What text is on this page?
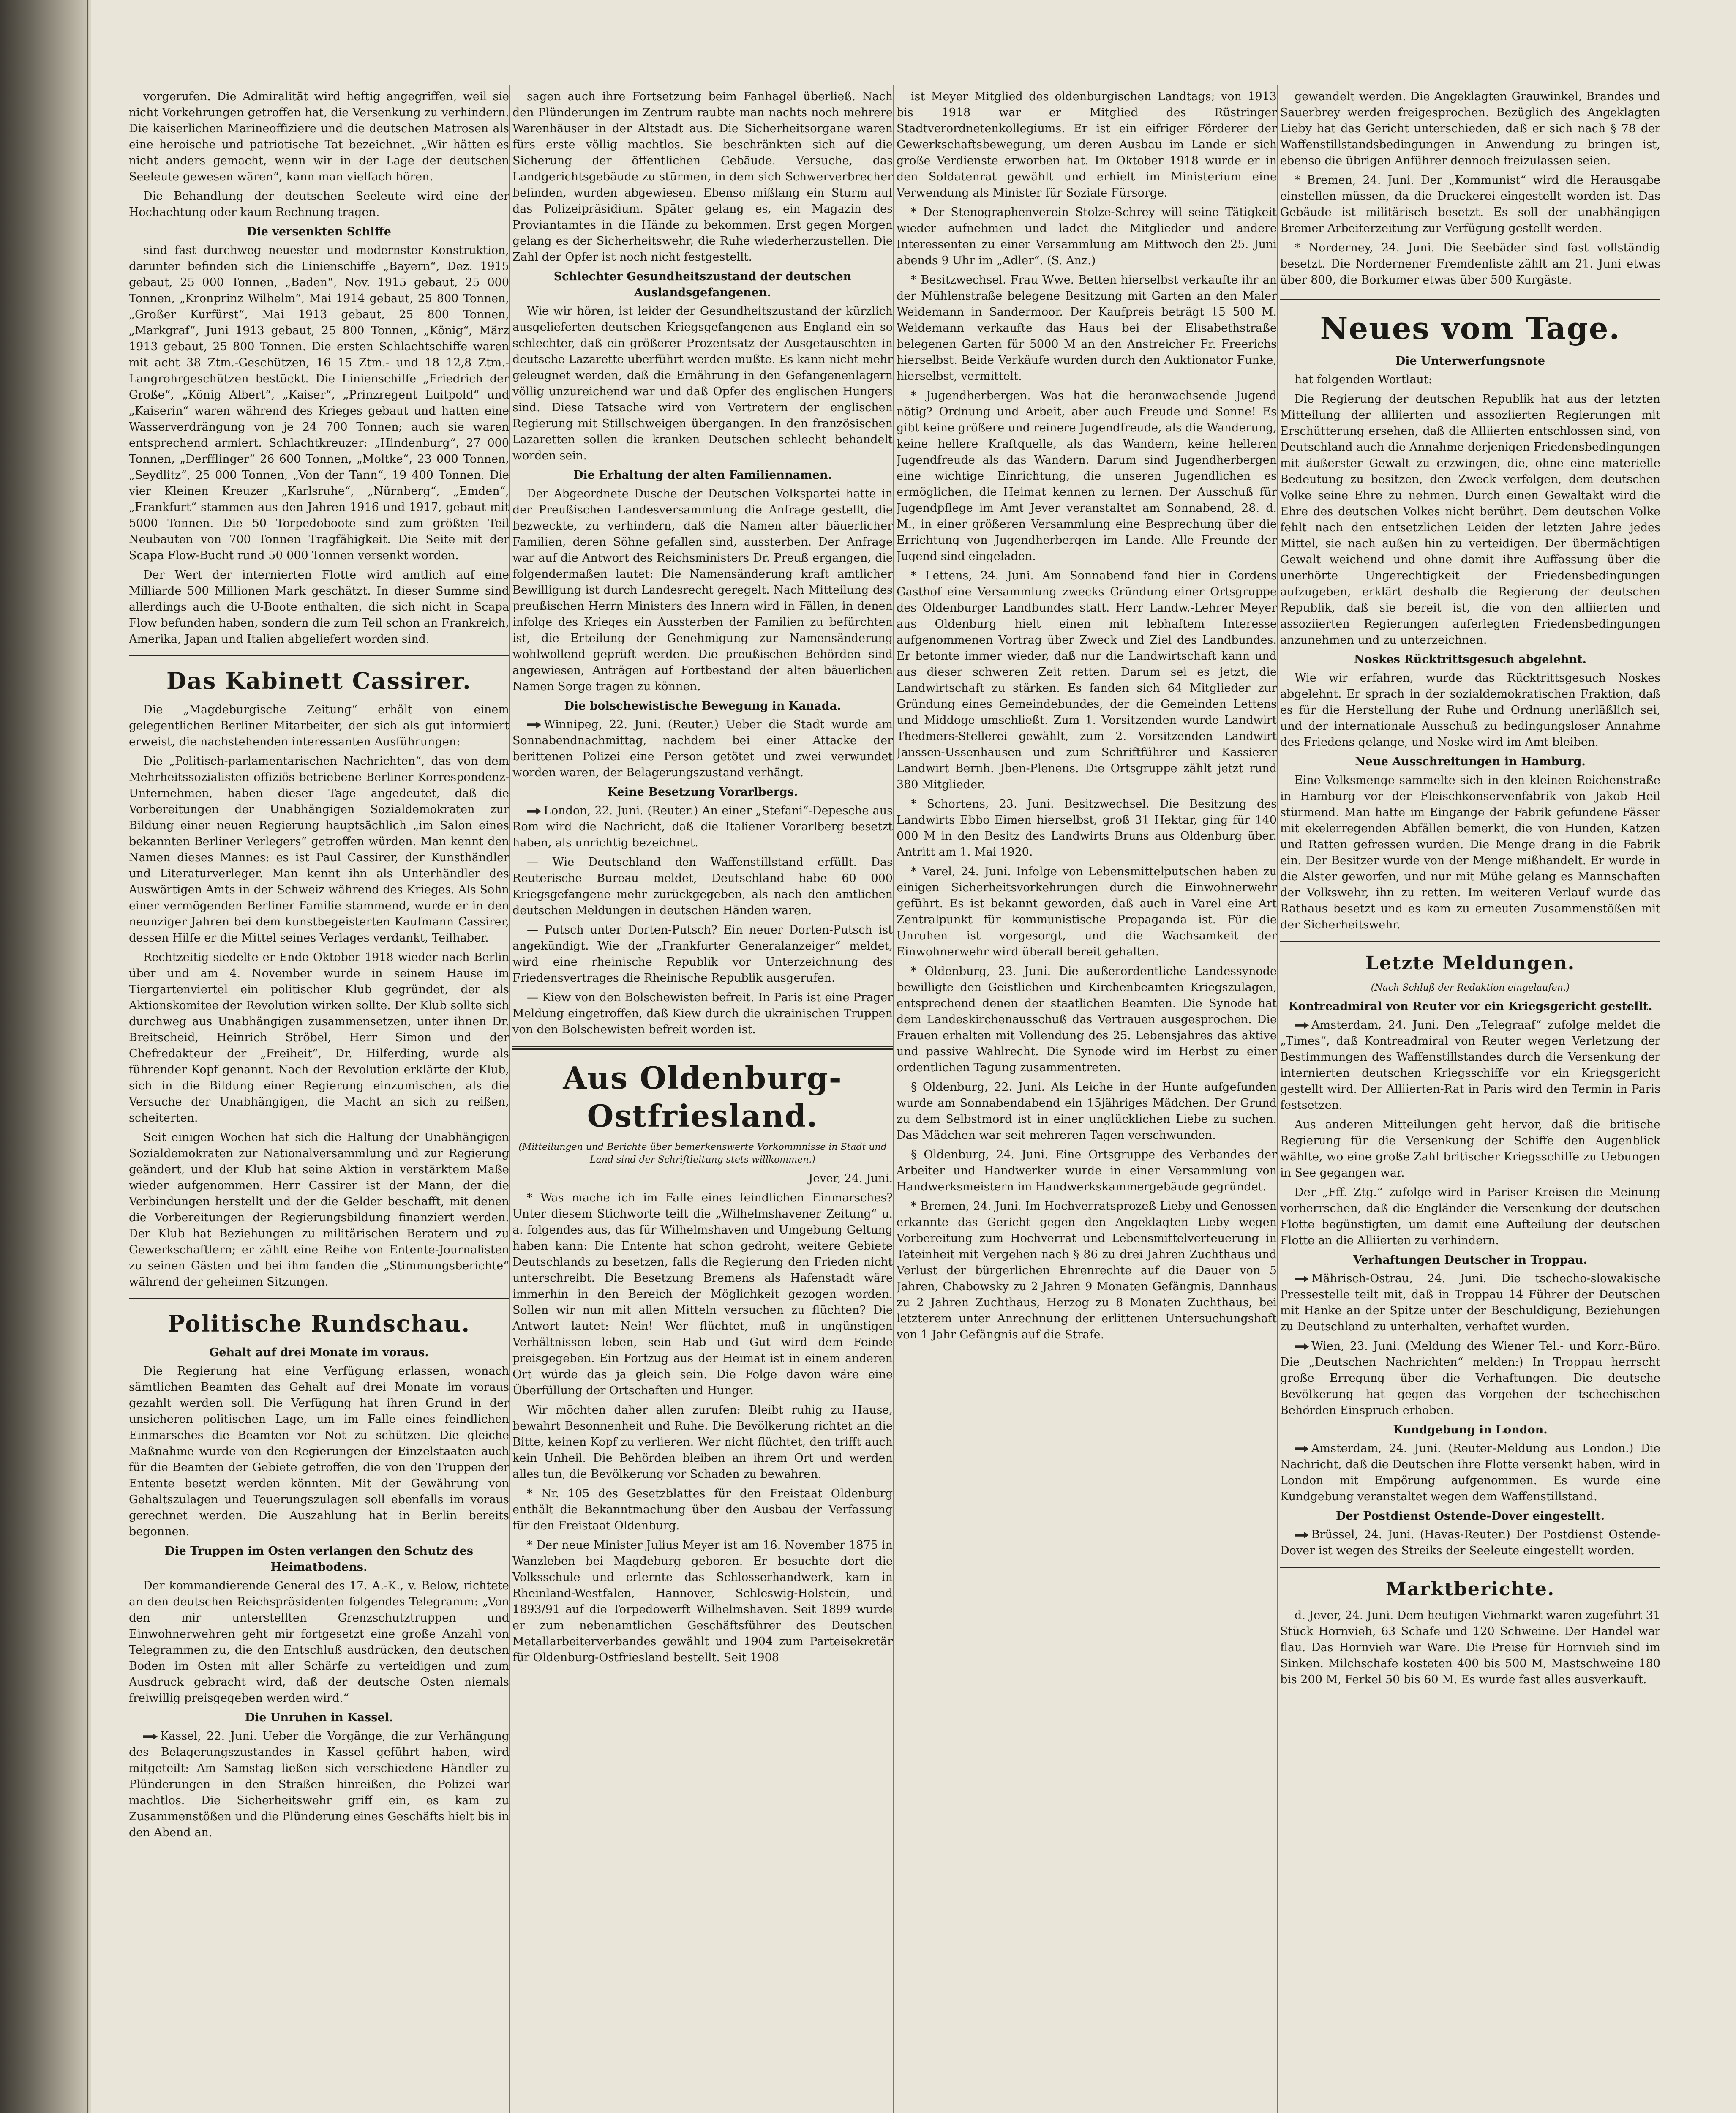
vorgerufen. Die Admiralität wird heftig angegriffen, weil sie nicht Vorkehrungen getroffen hat, die Versenkung zu verhindern. Die kaiserlichen Marineoffiziere und die deutschen Matrosen als eine heroische und patriotische Tat bezeichnet. „Wir hätten es nicht anders gemacht, wenn wir in der Lage der deutschen Seeleute gewesen wären“, kann man vielfach hören.

Die Behandlung der deutschen Seeleute wird eine der Hochachtung oder kaum Rechnung tragen.

Die versenkten Schiffe

sind fast durchweg neuester und modernster Konstruktion, darunter befinden sich die Linienschiffe „Bayern“, Dez. 1915 gebaut, 25 000 Tonnen, „Baden“, Nov. 1915 gebaut, 25 000 Tonnen, „Kronprinz Wilhelm“, Mai 1914 gebaut, 25 800 Tonnen, „Großer Kurfürst“, Mai 1913 gebaut, 25 800 Tonnen, „Markgraf“, Juni 1913 gebaut, 25 800 Tonnen, „König“, März 1913 gebaut, 25 800 Tonnen. Die ersten Schlachtschiffe waren mit acht 38 Ztm.-Geschützen, 16 15 Ztm.- und 18 12,8 Ztm.-Langrohrgeschützen bestückt. Die Linienschiffe „Friedrich der Große“, „König Albert“, „Kaiser“, „Prinzregent Luitpold“ und „Kaiserin“ waren während des Krieges gebaut und hatten eine Wasserverdrängung von je 24 700 Tonnen; auch sie waren entsprechend armiert. Schlachtkreuzer: „Hindenburg“, 27 000 Tonnen, „Derfflinger“ 26 600 Tonnen, „Moltke“, 23 000 Tonnen, „Seydlitz“, 25 000 Tonnen, „Von der Tann“, 19 400 Tonnen. Die vier Kleinen Kreuzer „Karlsruhe“, „Nürnberg“, „Emden“, „Frankfurt“ stammen aus den Jahren 1916 und 1917, gebaut mit 5000 Tonnen. Die 50 Torpedoboote sind zum größten Teil Neubauten von 700 Tonnen Tragfähigkeit. Die Seite mit der Scapa Flow-Bucht rund 50 000 Tonnen versenkt worden.

Der Wert der internierten Flotte wird amtlich auf eine Milliarde 500 Millionen Mark geschätzt. In dieser Summe sind allerdings auch die U-Boote enthalten, die sich nicht in Scapa Flow befunden haben, sondern die zum Teil schon an Frankreich, Amerika, Japan und Italien abgeliefert worden sind.

Das Kabinett Cassirer.

Die „Magdeburgische Zeitung“ erhält von einem gelegentlichen Berliner Mitarbeiter, der sich als gut informiert erweist, die nachstehenden interessanten Ausführungen:

Die „Politisch-parlamentarischen Nachrichten“, das von dem Mehrheitssozialisten offiziös betriebene Berliner Korrespondenz-Unternehmen, haben dieser Tage angedeutet, daß die Vorbereitungen der Unabhängigen Sozialdemokraten zur Bildung einer neuen Regierung hauptsächlich „im Salon eines bekannten Berliner Verlegers“ getroffen würden. Man kennt den Namen dieses Mannes: es ist Paul Cassirer, der Kunsthändler und Literaturverleger. Man kennt ihn als Unterhändler des Auswärtigen Amts in der Schweiz während des Krieges. Als Sohn einer vermögenden Berliner Familie stammend, wurde er in den neunziger Jahren bei dem kunstbegeisterten Kaufmann Cassirer, dessen Hilfe er die Mittel seines Verlages verdankt, Teilhaber.

Rechtzeitig siedelte er Ende Oktober 1918 wieder nach Berlin über und am 4. November wurde in seinem Hause im Tiergartenviertel ein politischer Klub gegründet, der als Aktionskomitee der Revolution wirken sollte. Der Klub sollte sich durchweg aus Unabhängigen zusammensetzen, unter ihnen Dr. Breitscheid, Heinrich Ströbel, Herr Simon und der Chefredakteur der „Freiheit“, Dr. Hilferding, wurde als führender Kopf genannt. Nach der Revolution erklärte der Klub, sich in die Bildung einer Regierung einzumischen, als die Versuche der Unabhängigen, die Macht an sich zu reißen, scheiterten.

Seit einigen Wochen hat sich die Haltung der Unabhängigen Sozialdemokraten zur Nationalversammlung und zur Regierung geändert, und der Klub hat seine Aktion in verstärktem Maße wieder aufgenommen. Herr Cassirer ist der Mann, der die Verbindungen herstellt und der die Gelder beschafft, mit denen die Vorbereitungen der Regierungsbildung finanziert werden. Der Klub hat Beziehungen zu militärischen Beratern und zu Gewerkschaftlern; er zählt eine Reihe von Entente-Journalisten zu seinen Gästen und bei ihm fanden die „Stimmungsberichte“ während der geheimen Sitzungen.

Politische Rundschau.
Gehalt auf drei Monate im voraus.

Die Regierung hat eine Verfügung erlassen, wonach sämtlichen Beamten das Gehalt auf drei Monate im voraus gezahlt werden soll. Die Verfügung hat ihren Grund in der unsicheren politischen Lage, um im Falle eines feindlichen Einmarsches die Beamten vor Not zu schützen. Die gleiche Maßnahme wurde von den Regierungen der Einzelstaaten auch für die Beamten der Gebiete getroffen, die von den Truppen der Entente besetzt werden könnten. Mit der Gewährung von Gehaltszulagen und Teuerungszulagen soll ebenfalls im voraus gerechnet werden. Die Auszahlung hat in Berlin bereits begonnen.

Die Truppen im Osten verlangen den Schutz des Heimatbodens.

Der kommandierende General des 17. A.-K., v. Below, richtete an den deutschen Reichspräsidenten folgendes Telegramm: „Von den mir unterstellten Grenzschutztruppen und Einwohnerwehren geht mir fortgesetzt eine große Anzahl von Telegrammen zu, die den Entschluß ausdrücken, den deutschen Boden im Osten mit aller Schärfe zu verteidigen und zum Ausdruck gebracht wird, daß der deutsche Osten niemals freiwillig preisgegeben werden wird.“

Die Unruhen in Kassel.

Kassel, 22. Juni. Ueber die Vorgänge, die zur Verhängung des Belagerungszustandes in Kassel geführt haben, wird mitgeteilt: Am Samstag ließen sich verschiedene Händler zu Plünderungen in den Straßen hinreißen, die Polizei war machtlos. Die Sicherheitswehr griff ein, es kam zu Zusammenstößen und die Plünderung eines Geschäfts hielt bis in den Abend an.

sagen auch ihre Fortsetzung beim Fanhagel überließ. Nach den Plünderungen im Zentrum raubte man nachts noch mehrere Warenhäuser in der Altstadt aus. Die Sicherheitsorgane waren fürs erste völlig machtlos. Sie beschränkten sich auf die Sicherung der öffentlichen Gebäude. Versuche, das Landgerichtsgebäude zu stürmen, in dem sich Schwerverbrecher befinden, wurden abgewiesen. Ebenso mißlang ein Sturm auf das Polizeipräsidium. Später gelang es, ein Magazin des Proviantamtes in die Hände zu bekommen. Erst gegen Morgen gelang es der Sicherheitswehr, die Ruhe wiederherzustellen. Die Zahl der Opfer ist noch nicht festgestellt.

Schlechter Gesundheitszustand der deutschen Auslandsgefangenen.

Wie wir hören, ist leider der Gesundheitszustand der kürzlich ausgelieferten deutschen Kriegsgefangenen aus England ein so schlechter, daß ein größerer Prozentsatz der Ausgetauschten in deutsche Lazarette überführt werden mußte. Es kann nicht mehr geleugnet werden, daß die Ernährung in den Gefangenenlagern völlig unzureichend war und daß Opfer des englischen Hungers sind. Diese Tatsache wird von Vertretern der englischen Regierung mit Stillschweigen übergangen. In den französischen Lazaretten sollen die kranken Deutschen schlecht behandelt worden sein.

Die Erhaltung der alten Familiennamen.

Der Abgeordnete Dusche der Deutschen Volkspartei hatte in der Preußischen Landesversammlung die Anfrage gestellt, die bezweckte, zu verhindern, daß die Namen alter bäuerlicher Familien, deren Söhne gefallen sind, aussterben. Der Anfrage war auf die Antwort des Reichsministers Dr. Preuß ergangen, die folgendermaßen lautet: Die Namensänderung kraft amtlicher Bewilligung ist durch Landesrecht geregelt. Nach Mitteilung des preußischen Herrn Ministers des Innern wird in Fällen, in denen infolge des Krieges ein Aussterben der Familien zu befürchten ist, die Erteilung der Genehmigung zur Namensänderung wohlwollend geprüft werden. Die preußischen Behörden sind angewiesen, Anträgen auf Fortbestand der alten bäuerlichen Namen Sorge tragen zu können.

Die bolschewistische Bewegung in Kanada.

Winnipeg, 22. Juni. (Reuter.) Ueber die Stadt wurde am Sonnabendnachmittag, nachdem bei einer Attacke der berittenen Polizei eine Person getötet und zwei verwundet worden waren, der Belagerungszustand verhängt.

Keine Besetzung Vorarlbergs.

London, 22. Juni. (Reuter.) An einer „Stefani“-Depesche aus Rom wird die Nachricht, daß die Italiener Vorarlberg besetzt haben, als unrichtig bezeichnet.

— Wie Deutschland den Waffenstillstand erfüllt. Das Reuterische Bureau meldet, Deutschland habe 60 000 Kriegsgefangene mehr zurückgegeben, als nach den amtlichen deutschen Meldungen in deutschen Händen waren.

— Putsch unter Dorten-Putsch? Ein neuer Dorten-Putsch ist angekündigt. Wie der „Frankfurter Generalanzeiger“ meldet, wird eine rheinische Republik vor Unterzeichnung des Friedensvertrages die Rheinische Republik ausgerufen.

— Kiew von den Bolschewisten befreit. In Paris ist eine Prager Meldung eingetroffen, daß Kiew durch die ukrainischen Truppen von den Bolschewisten befreit worden ist.

Aus Oldenburg-Ostfriesland.
(Mitteilungen und Berichte über bemerkenswerte Vorkommnisse in Stadt und Land sind der Schriftleitung stets willkommen.)
Jever, 24. Juni.

* Was mache ich im Falle eines feindlichen Einmarsches? Unter diesem Stichworte teilt die „Wilhelmshavener Zeitung“ u. a. folgendes aus, das für Wilhelmshaven und Umgebung Geltung haben kann: Die Entente hat schon gedroht, weitere Gebiete Deutschlands zu besetzen, falls die Regierung den Frieden nicht unterschreibt. Die Besetzung Bremens als Hafenstadt wäre immerhin in den Bereich der Möglichkeit gezogen worden. Sollen wir nun mit allen Mitteln versuchen zu flüchten? Die Antwort lautet: Nein! Wer flüchtet, muß in ungünstigen Verhältnissen leben, sein Hab und Gut wird dem Feinde preisgegeben. Ein Fortzug aus der Heimat ist in einem anderen Ort würde das ja gleich sein. Die Folge davon wäre eine Überfüllung der Ortschaften und Hunger.

Wir möchten daher allen zurufen: Bleibt ruhig zu Hause, bewahrt Besonnenheit und Ruhe. Die Bevölkerung richtet an die Bitte, keinen Kopf zu verlieren. Wer nicht flüchtet, den trifft auch kein Unheil. Die Behörden bleiben an ihrem Ort und werden alles tun, die Bevölkerung vor Schaden zu bewahren.

* Nr. 105 des Gesetzblattes für den Freistaat Oldenburg enthält die Bekanntmachung über den Ausbau der Verfassung für den Freistaat Oldenburg.

* Der neue Minister Julius Meyer ist am 16. November 1875 in Wanzleben bei Magdeburg geboren. Er besuchte dort die Volksschule und erlernte das Schlosserhandwerk, kam in Rheinland-Westfalen, Hannover, Schleswig-Holstein, und 1893/91 auf die Torpedowerft Wilhelmshaven. Seit 1899 wurde er zum nebenamtlichen Geschäftsführer des Deutschen Metallarbeiterverbandes gewählt und 1904 zum Parteisekretär für Oldenburg-Ostfriesland bestellt. Seit 1908

ist Meyer Mitglied des oldenburgischen Landtags; von 1913 bis 1918 war er Mitglied des Rüstringer Stadtverordnetenkollegiums. Er ist ein eifriger Förderer der Gewerkschaftsbewegung, um deren Ausbau im Lande er sich große Verdienste erworben hat. Im Oktober 1918 wurde er in den Soldatenrat gewählt und erhielt im Ministerium eine Verwendung als Minister für Soziale Fürsorge.

* Der Stenographenverein Stolze-Schrey will seine Tätigkeit wieder aufnehmen und ladet die Mitglieder und andere Interessenten zu einer Versammlung am Mittwoch den 25. Juni abends 9 Uhr im „Adler“. (S. Anz.)

* Besitzwechsel. Frau Wwe. Betten hierselbst verkaufte ihr an der Mühlenstraße belegene Besitzung mit Garten an den Maler Weidemann in Sandermoor. Der Kaufpreis beträgt 15 500 M. Weidemann verkaufte das Haus bei der Elisabethstraße belegenen Garten für 5000 M an den Anstreicher Fr. Freerichs hierselbst. Beide Verkäufe wurden durch den Auktionator Funke, hierselbst, vermittelt.

* Jugendherbergen. Was hat die heranwachsende Jugend nötig? Ordnung und Arbeit, aber auch Freude und Sonne! Es gibt keine größere und reinere Jugendfreude, als die Wanderung, keine hellere Kraftquelle, als das Wandern, keine helleren Jugendfreude als das Wandern. Darum sind Jugendherbergen eine wichtige Einrichtung, die unseren Jugendlichen es ermöglichen, die Heimat kennen zu lernen. Der Ausschuß für Jugendpflege im Amt Jever veranstaltet am Sonnabend, 28. d. M., in einer größeren Versammlung eine Besprechung über die Errichtung von Jugendherbergen im Lande. Alle Freunde der Jugend sind eingeladen.

* Lettens, 24. Juni. Am Sonnabend fand hier in Cordens Gasthof eine Versammlung zwecks Gründung einer Ortsgruppe des Oldenburger Landbundes statt. Herr Landw.-Lehrer Meyer aus Oldenburg hielt einen mit lebhaftem Interesse aufgenommenen Vortrag über Zweck und Ziel des Landbundes. Er betonte immer wieder, daß nur die Landwirtschaft kann und aus dieser schweren Zeit retten. Darum sei es jetzt, die Landwirtschaft zu stärken. Es fanden sich 64 Mitglieder zur Gründung eines Gemeindebundes, der die Gemeinden Lettens und Middoge umschließt. Zum 1. Vorsitzenden wurde Landwirt Thedmers-Stellerei gewählt, zum 2. Vorsitzenden Landwirt Janssen-Ussenhausen und zum Schriftführer und Kassierer Landwirt Bernh. Jben-Plenens. Die Ortsgruppe zählt jetzt rund 380 Mitglieder.

* Schortens, 23. Juni. Besitzwechsel. Die Besitzung des Landwirts Ebbo Eimen hierselbst, groß 31 Hektar, ging für 140 000 M in den Besitz des Landwirts Bruns aus Oldenburg über. Antritt am 1. Mai 1920.

* Varel, 24. Juni. Infolge von Lebensmittelputschen haben zu einigen Sicherheitsvorkehrungen durch die Einwohnerwehr geführt. Es ist bekannt geworden, daß auch in Varel eine Art Zentralpunkt für kommunistische Propaganda ist. Für die Unruhen ist vorgesorgt, und die Wachsamkeit der Einwohnerwehr wird überall bereit gehalten.

* Oldenburg, 23. Juni. Die außerordentliche Landessynode bewilligte den Geistlichen und Kirchenbeamten Kriegszulagen, entsprechend denen der staatlichen Beamten. Die Synode hat dem Landeskirchenausschuß das Vertrauen ausgesprochen. Die Frauen erhalten mit Vollendung des 25. Lebensjahres das aktive und passive Wahlrecht. Die Synode wird im Herbst zu einer ordentlichen Tagung zusammentreten.

§ Oldenburg, 22. Juni. Als Leiche in der Hunte aufgefunden wurde am Sonnabendabend ein 15jähriges Mädchen. Der Grund zu dem Selbstmord ist in einer unglücklichen Liebe zu suchen. Das Mädchen war seit mehreren Tagen verschwunden.

§ Oldenburg, 24. Juni. Eine Ortsgruppe des Verbandes der Arbeiter und Handwerker wurde in einer Versammlung von Handwerksmeistern im Handwerkskammergebäude gegründet.

* Bremen, 24. Juni. Im Hochverratsprozeß Lieby und Genossen erkannte das Gericht gegen den Angeklagten Lieby wegen Vorbereitung zum Hochverrat und Lebensmittelverteuerung in Tateinheit mit Vergehen nach § 86 zu drei Jahren Zuchthaus und Verlust der bürgerlichen Ehrenrechte auf die Dauer von 5 Jahren, Chabowsky zu 2 Jahren 9 Monaten Gefängnis, Dannhaus zu 2 Jahren Zuchthaus, Herzog zu 8 Monaten Zuchthaus, bei letzterem unter Anrechnung der erlittenen Untersuchungshaft von 1 Jahr Gefängnis auf die Strafe.

gewandelt werden. Die Angeklagten Grauwinkel, Brandes und Sauerbrey werden freigesprochen. Bezüglich des Angeklagten Lieby hat das Gericht unterschieden, daß er sich nach § 78 der Waffenstillstandsbedingungen in Anwendung zu bringen ist, ebenso die übrigen Anführer dennoch freizulassen seien.

* Bremen, 24. Juni. Der „Kommunist“ wird die Herausgabe einstellen müssen, da die Druckerei eingestellt worden ist. Das Gebäude ist militärisch besetzt. Es soll der unabhängigen Bremer Arbeiterzeitung zur Verfügung gestellt werden.

* Norderney, 24. Juni. Die Seebäder sind fast vollständig besetzt. Die Nordernener Fremdenliste zählt am 21. Juni etwas über 800, die Borkumer etwas über 500 Kurgäste.

Neues vom Tage.
Die Unterwerfungsnote

hat folgenden Wortlaut:

Die Regierung der deutschen Republik hat aus der letzten Mitteilung der alliierten und assoziierten Regierungen mit Erschütterung ersehen, daß die Alliierten entschlossen sind, von Deutschland auch die Annahme derjenigen Friedensbedingungen mit äußerster Gewalt zu erzwingen, die, ohne eine materielle Bedeutung zu besitzen, den Zweck verfolgen, dem deutschen Volke seine Ehre zu nehmen. Durch einen Gewaltakt wird die Ehre des deutschen Volkes nicht berührt. Dem deutschen Volke fehlt nach den entsetzlichen Leiden der letzten Jahre jedes Mittel, sie nach außen hin zu verteidigen. Der übermächtigen Gewalt weichend und ohne damit ihre Auffassung über die unerhörte Ungerechtigkeit der Friedensbedingungen aufzugeben, erklärt deshalb die Regierung der deutschen Republik, daß sie bereit ist, die von den alliierten und assoziierten Regierungen auferlegten Friedensbedingungen anzunehmen und zu unterzeichnen.

Noskes Rücktrittsgesuch abgelehnt.

Wie wir erfahren, wurde das Rücktrittsgesuch Noskes abgelehnt. Er sprach in der sozialdemokratischen Fraktion, daß es für die Herstellung der Ruhe und Ordnung unerläßlich sei, und der internationale Ausschuß zu bedingungsloser Annahme des Friedens gelange, und Noske wird im Amt bleiben.

Neue Ausschreitungen in Hamburg.

Eine Volksmenge sammelte sich in den kleinen Reichenstraße in Hamburg vor der Fleischkonservenfabrik von Jakob Heil stürmend. Man hatte im Eingange der Fabrik gefundene Fässer mit ekelerregenden Abfällen bemerkt, die von Hunden, Katzen und Ratten gefressen wurden. Die Menge drang in die Fabrik ein. Der Besitzer wurde von der Menge mißhandelt. Er wurde in die Alster geworfen, und nur mit Mühe gelang es Mannschaften der Volkswehr, ihn zu retten. Im weiteren Verlauf wurde das Rathaus besetzt und es kam zu erneuten Zusammenstößen mit der Sicherheitswehr.

Letzte Meldungen.
(Nach Schluß der Redaktion eingelaufen.)
Kontreadmiral von Reuter vor ein Kriegsgericht gestellt.

Amsterdam, 24. Juni. Den „Telegraaf“ zufolge meldet die „Times“, daß Kontreadmiral von Reuter wegen Verletzung der Bestimmungen des Waffenstillstandes durch die Versenkung der internierten deutschen Kriegsschiffe vor ein Kriegsgericht gestellt wird. Der Alliierten-Rat in Paris wird den Termin in Paris festsetzen.

Aus anderen Mitteilungen geht hervor, daß die britische Regierung für die Versenkung der Schiffe den Augenblick wählte, wo eine große Zahl britischer Kriegsschiffe zu Uebungen in See gegangen war.

Der „Fff. Ztg.“ zufolge wird in Pariser Kreisen die Meinung vorherrschen, daß die Engländer die Versenkung der deutschen Flotte begünstigten, um damit eine Aufteilung der deutschen Flotte an die Alliierten zu verhindern.

Verhaftungen Deutscher in Troppau.

Mährisch-Ostrau, 24. Juni. Die tschecho-slowakische Pressestelle teilt mit, daß in Troppau 14 Führer der Deutschen mit Hanke an der Spitze unter der Beschuldigung, Beziehungen zu Deutschland zu unterhalten, verhaftet wurden.

Wien, 23. Juni. (Meldung des Wiener Tel.- und Korr.-Büro. Die „Deutschen Nachrichten“ melden:) In Troppau herrscht große Erregung über die Verhaftungen. Die deutsche Bevölkerung hat gegen das Vorgehen der tschechischen Behörden Einspruch erhoben.

Kundgebung in London.

Amsterdam, 24. Juni. (Reuter-Meldung aus London.) Die Nachricht, daß die Deutschen ihre Flotte versenkt haben, wird in London mit Empörung aufgenommen. Es wurde eine Kundgebung veranstaltet wegen dem Waffenstillstand.

Der Postdienst Ostende-Dover eingestellt.

Brüssel, 24. Juni. (Havas-Reuter.) Der Postdienst Ostende-Dover ist wegen des Streiks der Seeleute eingestellt worden.

Marktberichte.

d. Jever, 24. Juni. Dem heutigen Viehmarkt waren zugeführt 31 Stück Hornvieh, 63 Schafe und 120 Schweine. Der Handel war flau. Das Hornvieh war Ware. Die Preise für Hornvieh sind im Sinken. Milchschafe kosteten 400 bis 500 M, Mastschweine 180 bis 200 M, Ferkel 50 bis 60 M. Es wurde fast alles ausverkauft.
